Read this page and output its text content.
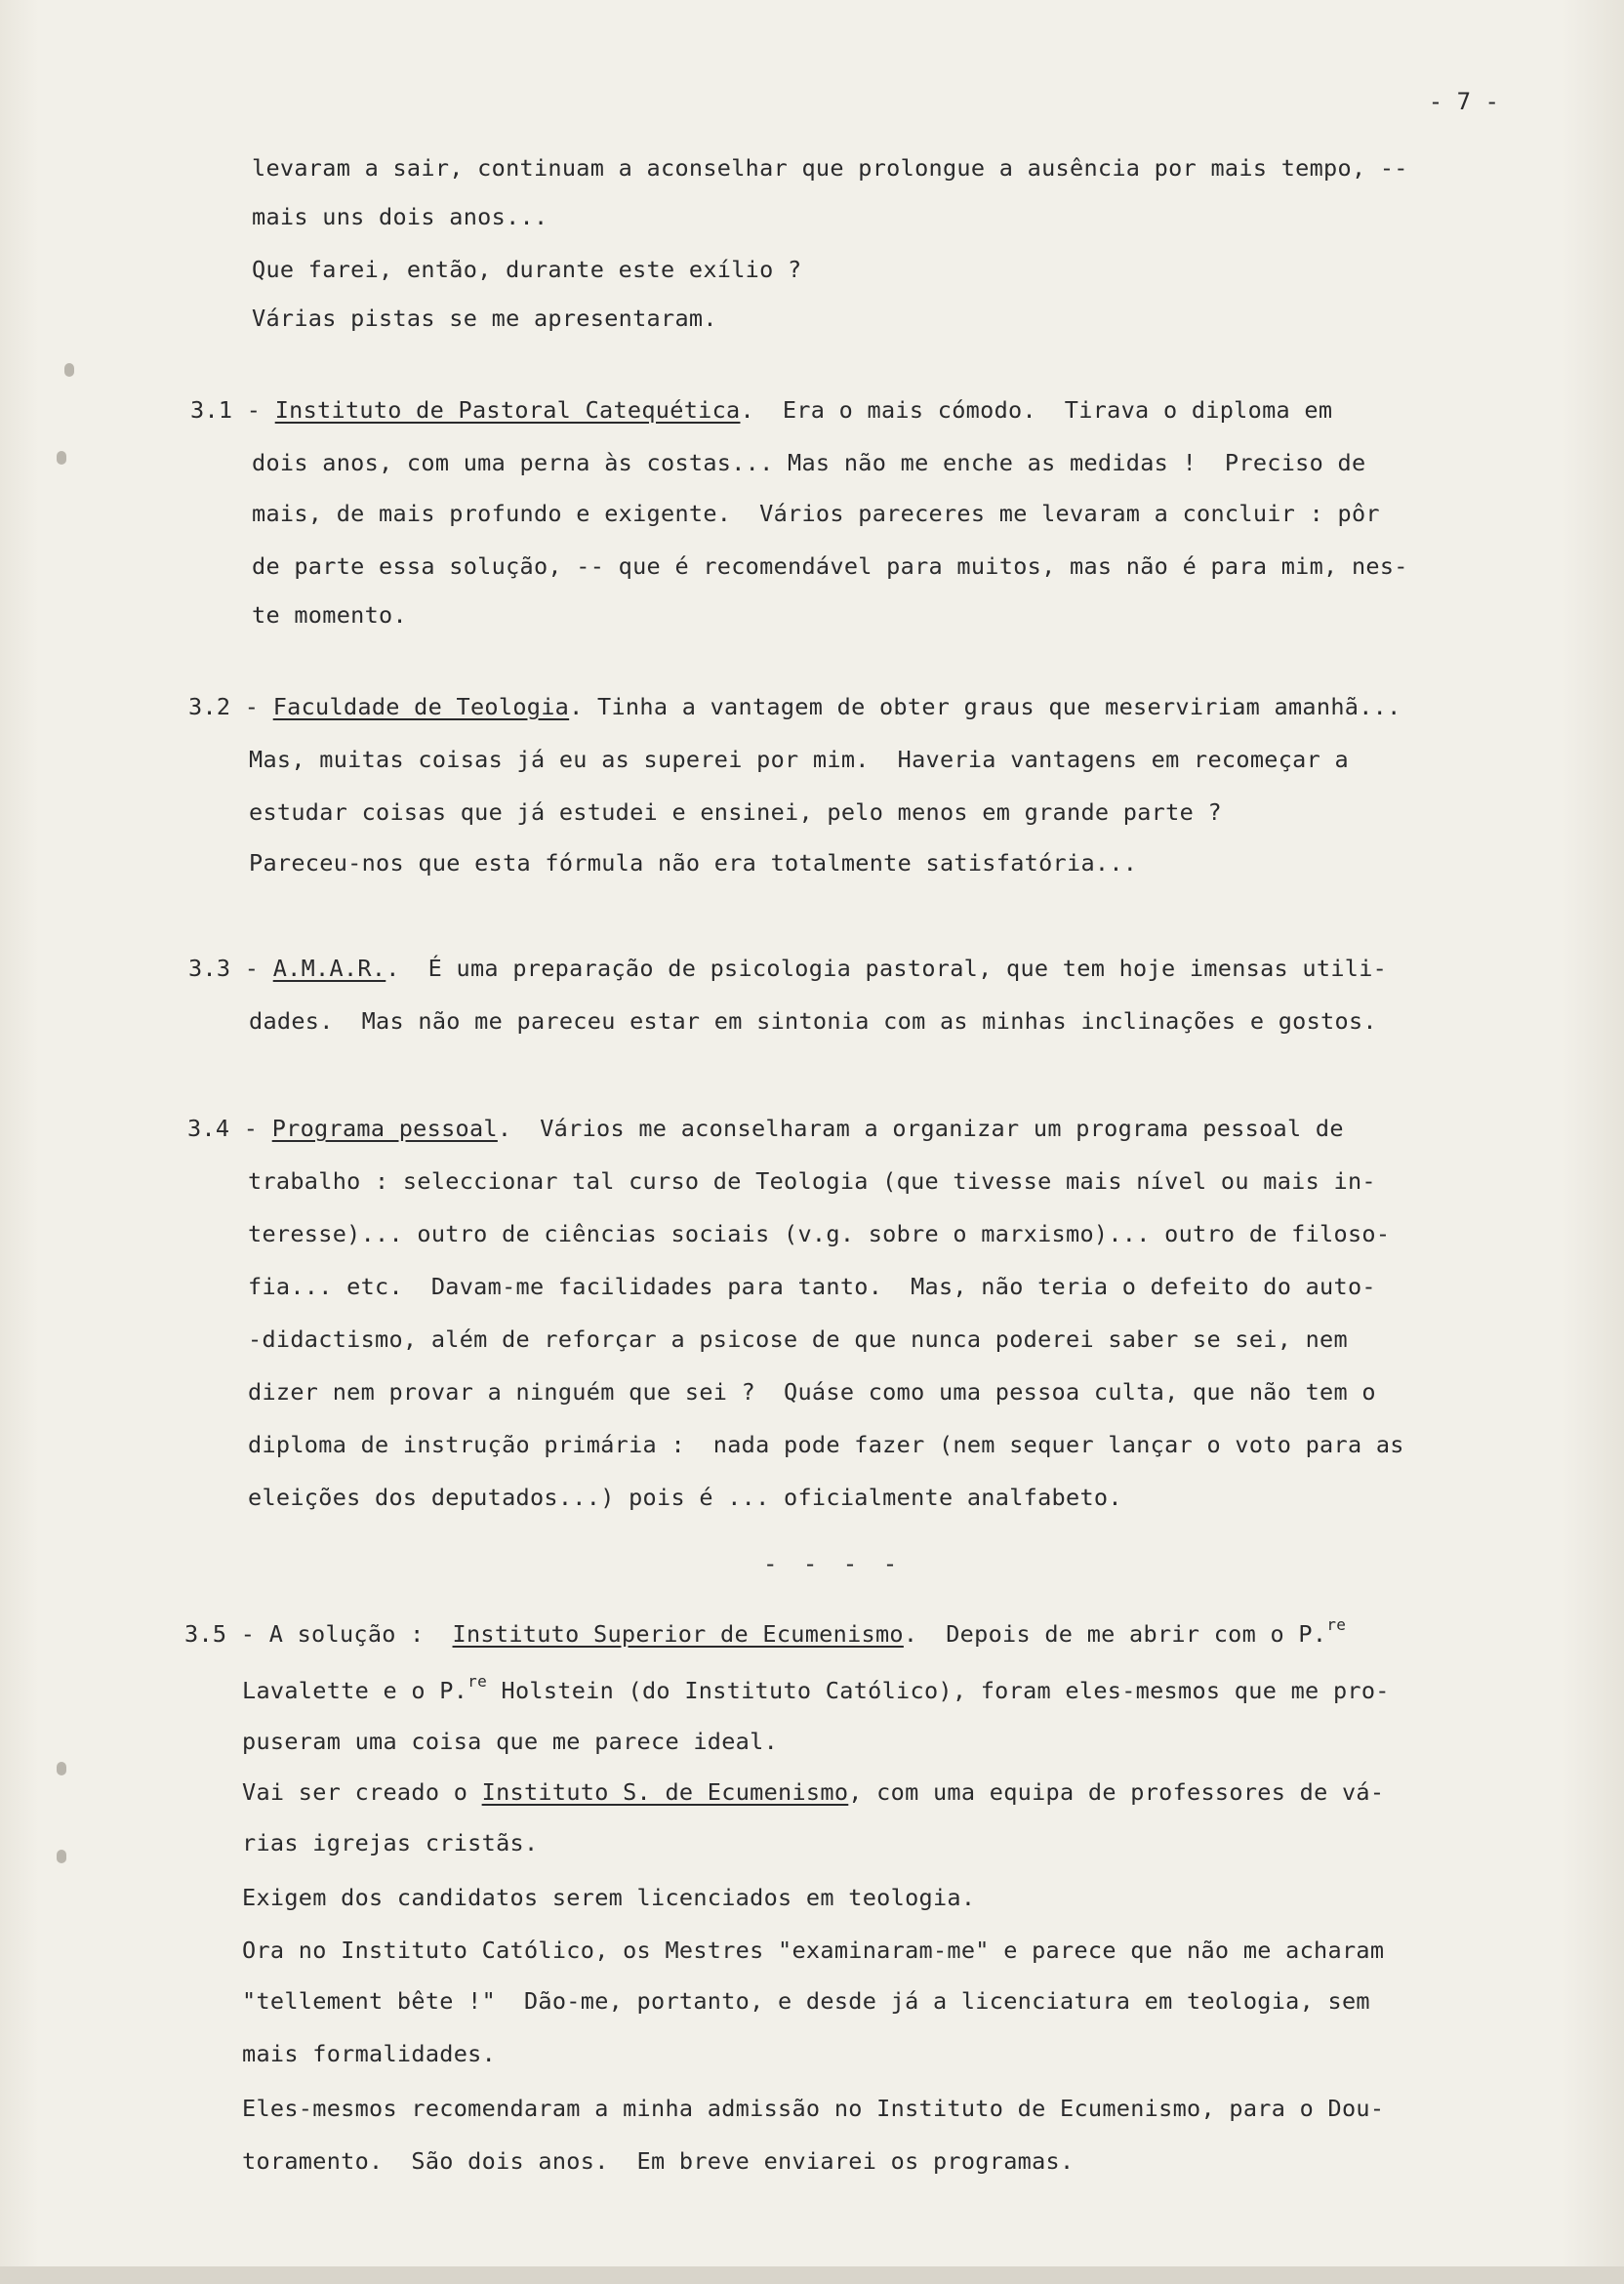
- 7 -
levaram a sair, continuam a aconselhar que prolongue a ausência por mais tempo, --
mais uns dois anos...
Que farei, então, durante este exílio ?
Várias pistas se me apresentaram.
3.1 - Instituto de Pastoral Catequética.  Era o mais cómodo.  Tirava o diploma em
dois anos, com uma perna às costas... Mas não me enche as medidas !  Preciso de
mais, de mais profundo e exigente.  Vários pareceres me levaram a concluir : pôr
de parte essa solução, -- que é recomendável para muitos, mas não é para mim, nes-
te momento.
3.2 - Faculdade de Teologia. Tinha a vantagem de obter graus que meserviriam amanhã...
Mas, muitas coisas já eu as superei por mim.  Haveria vantagens em recomeçar a
estudar coisas que já estudei e ensinei, pelo menos em grande parte ?
Pareceu-nos que esta fórmula não era totalmente satisfatória...
3.3 - A.M.A.R..  É uma preparação de psicologia pastoral, que tem hoje imensas utili-
dades.  Mas não me pareceu estar em sintonia com as minhas inclinações e gostos.
3.4 - Programa pessoal.  Vários me aconselharam a organizar um programa pessoal de
trabalho : seleccionar tal curso de Teologia (que tivesse mais nível ou mais in-
teresse)... outro de ciências sociais (v.g. sobre o marxismo)... outro de filoso-
fia... etc.  Davam-me facilidades para tanto.  Mas, não teria o defeito do auto-
-didactismo, além de reforçar a psicose de que nunca poderei saber se sei, nem
dizer nem provar a ninguém que sei ?  Quáse como uma pessoa culta, que não tem o
diploma de instrução primária :  nada pode fazer (nem sequer lançar o voto para as
eleições dos deputados...) pois é ... oficialmente analfabeto.
- - - -
3.5 - A solução :  Instituto Superior de Ecumenismo.  Depois de me abrir com o P.$^{re}$
Lavalette e o P.$^{re}$ Holstein (do Instituto Católico), foram eles-mesmos que me pro-
puseram uma coisa que me parece ideal.
Vai ser creado o Instituto S. de Ecumenismo, com uma equipa de professores de vá-
rias igrejas cristãs.
Exigem dos candidatos serem licenciados em teologia.
Ora no Instituto Católico, os Mestres "examinaram-me" e parece que não me acharam
"tellement bête !"  Dão-me, portanto, e desde já a licenciatura em teologia, sem
mais formalidades.
Eles-mesmos recomendaram a minha admissão no Instituto de Ecumenismo, para o Dou-
toramento.  São dois anos.  Em breve enviarei os programas.
